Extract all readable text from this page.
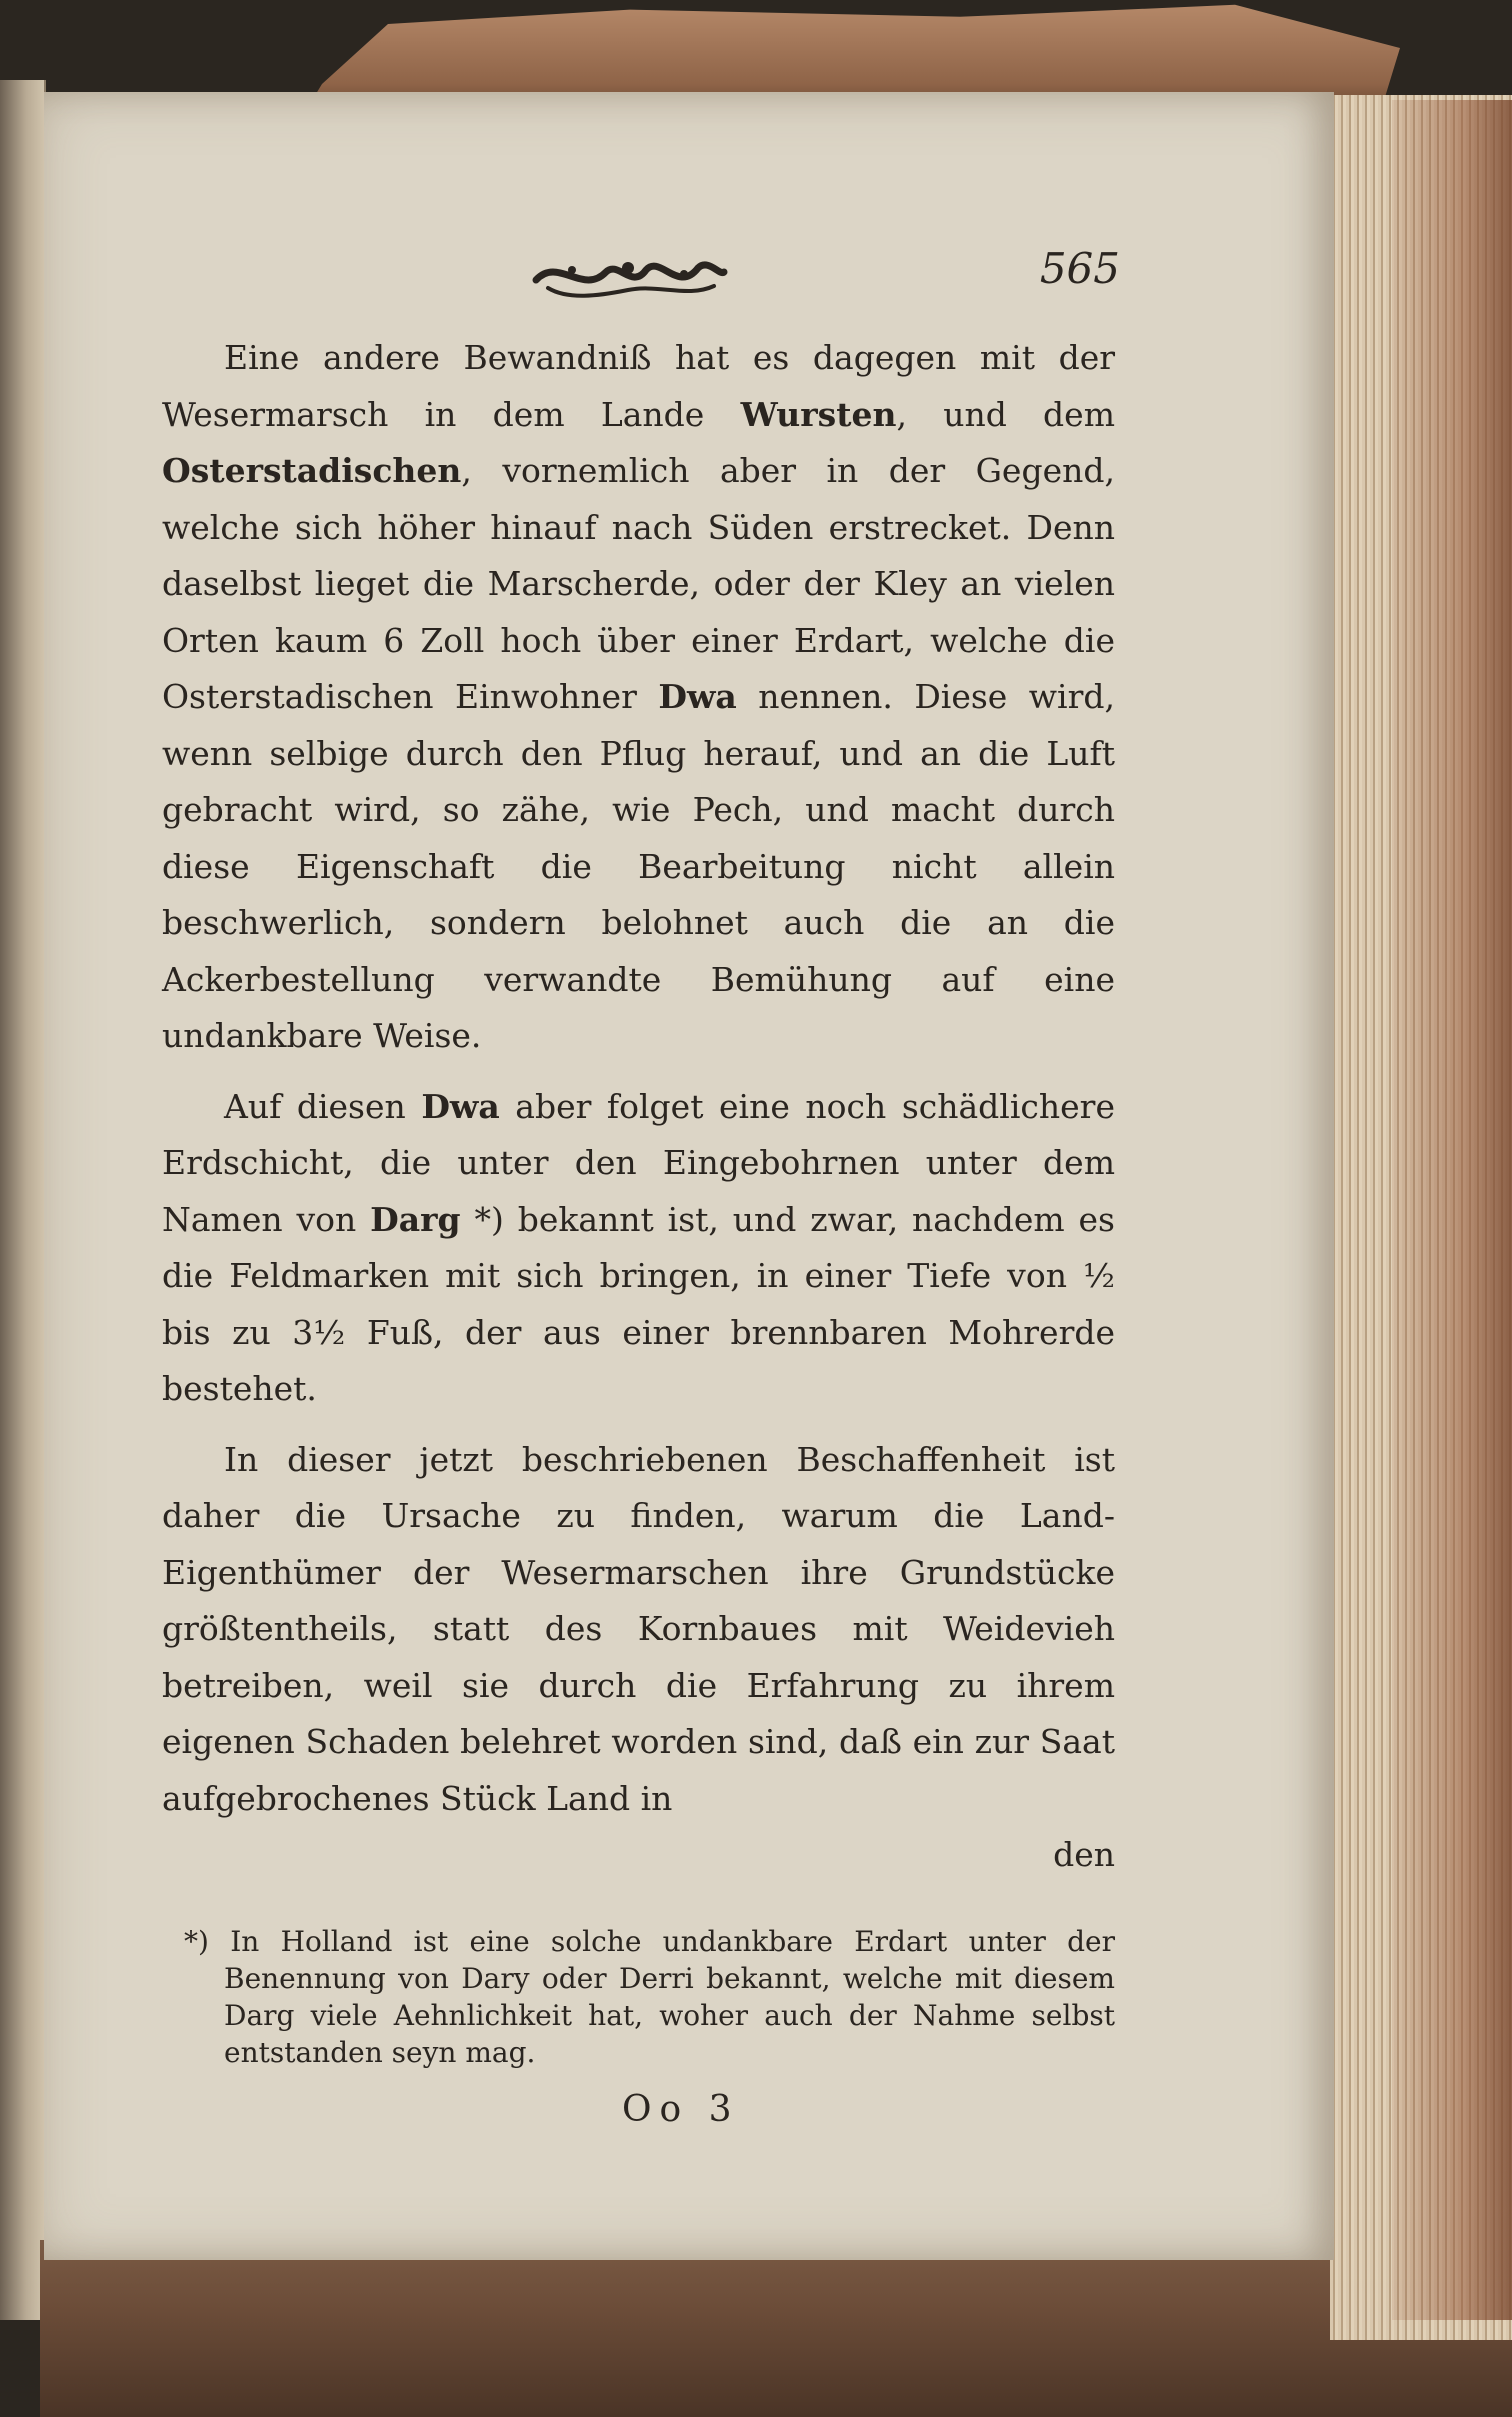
565

Eine andere Bewandniß hat es dagegen mit der Wesermarsch in dem Lande Wursten, und dem Osterstadischen, vornemlich aber in der Gegend, welche sich höher hinauf nach Süden erstrecket. Denn daselbst lieget die Marscherde, oder der Kley an vielen Orten kaum 6 Zoll hoch über einer Erdart, welche die Osterstadischen Einwohner Dwa nennen. Diese wird, wenn selbige durch den Pflug herauf, und an die Luft gebracht wird, so zähe, wie Pech, und macht durch diese Eigenschaft die Bearbeitung nicht allein beschwerlich, sondern belohnet auch die an die Ackerbestellung verwandte Bemühung auf eine undankbare Weise.

Auf diesen Dwa aber folget eine noch schädlichere Erdschicht, die unter den Eingebohrnen unter dem Namen von Darg *) bekannt ist, und zwar, nachdem es die Feldmarken mit sich bringen, in einer Tiefe von ½ bis zu 3½ Fuß, der aus einer brennbaren Mohrerde bestehet.

In dieser jetzt beschriebenen Beschaffenheit ist daher die Ursache zu finden, warum die Land-Eigenthümer der Wesermarschen ihre Grundstücke größtentheils, statt des Kornbaues mit Weidevieh betreiben, weil sie durch die Erfahrung zu ihrem eigenen Schaden belehret worden sind, daß ein zur Saat aufgebrochenes Stück Land in

den
*) In Holland ist eine solche undankbare Erdart unter der Benennung von Dary oder Derri bekannt, welche mit diesem Darg viele Aehnlichkeit hat, woher auch der Nahme selbst entstanden seyn mag.
Oo 3
